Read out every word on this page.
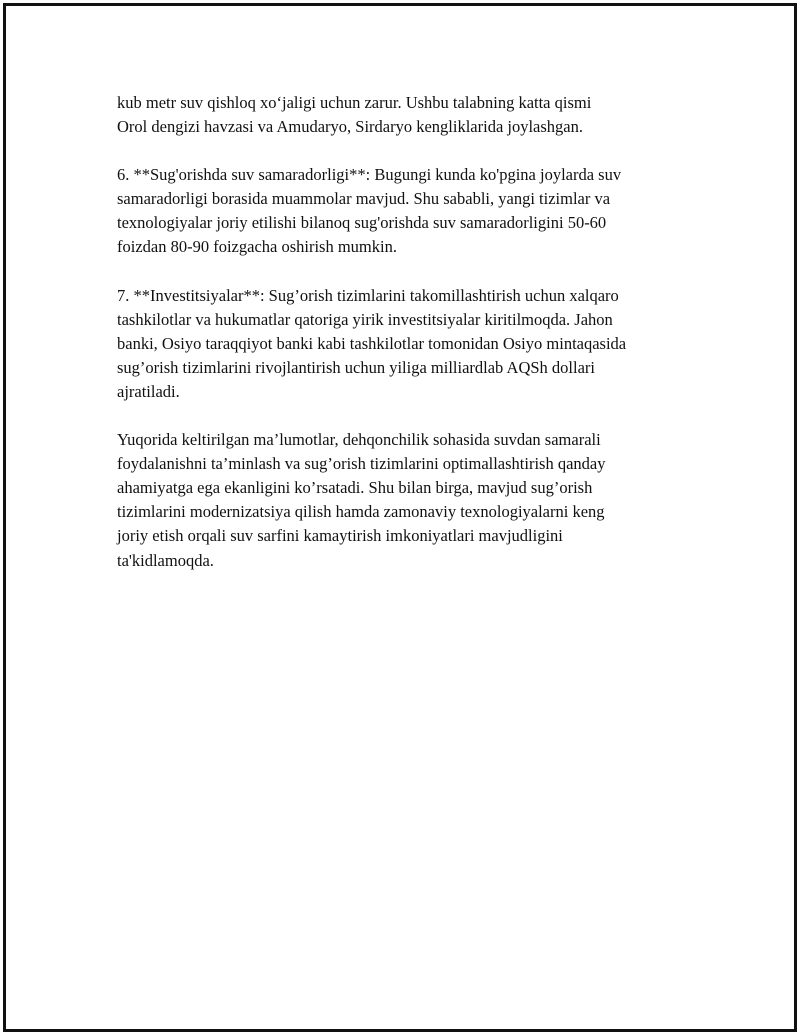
kub metr suv qishloq xo‘jaligi uchun zarur. Ushbu talabning katta qismi
Orol dengizi havzasi va Amudaryo, Sirdaryo kengliklarida joylashgan.

6. **Sug'orishda suv samaradorligi**: Bugungi kunda ko'pgina joylarda suv
samaradorligi borasida muammolar mavjud. Shu sababli, yangi tizimlar va
texnologiyalar joriy etilishi bilanoq sug'orishda suv samaradorligini 50-60
foizdan 80-90 foizgacha oshirish mumkin.

7. **Investitsiyalar**: Sug’orish tizimlarini takomillashtirish uchun xalqaro
tashkilotlar va hukumatlar qatoriga yirik investitsiyalar kiritilmoqda. Jahon
banki, Osiyo taraqqiyot banki kabi tashkilotlar tomonidan Osiyo mintaqasida
sug’orish tizimlarini rivojlantirish uchun yiliga milliardlab AQSh dollari
ajratiladi.

Yuqorida keltirilgan ma’lumotlar, dehqonchilik sohasida suvdan samarali
foydalanishni ta’minlash va sug’orish tizimlarini optimallashtirish qanday
ahamiyatga ega ekanligini ko’rsatadi. Shu bilan birga, mavjud sug’orish
tizimlarini modernizatsiya qilish hamda zamonaviy texnologiyalarni keng
joriy etish orqali suv sarfini kamaytirish imkoniyatlari mavjudligini
ta'kidlamoqda.
